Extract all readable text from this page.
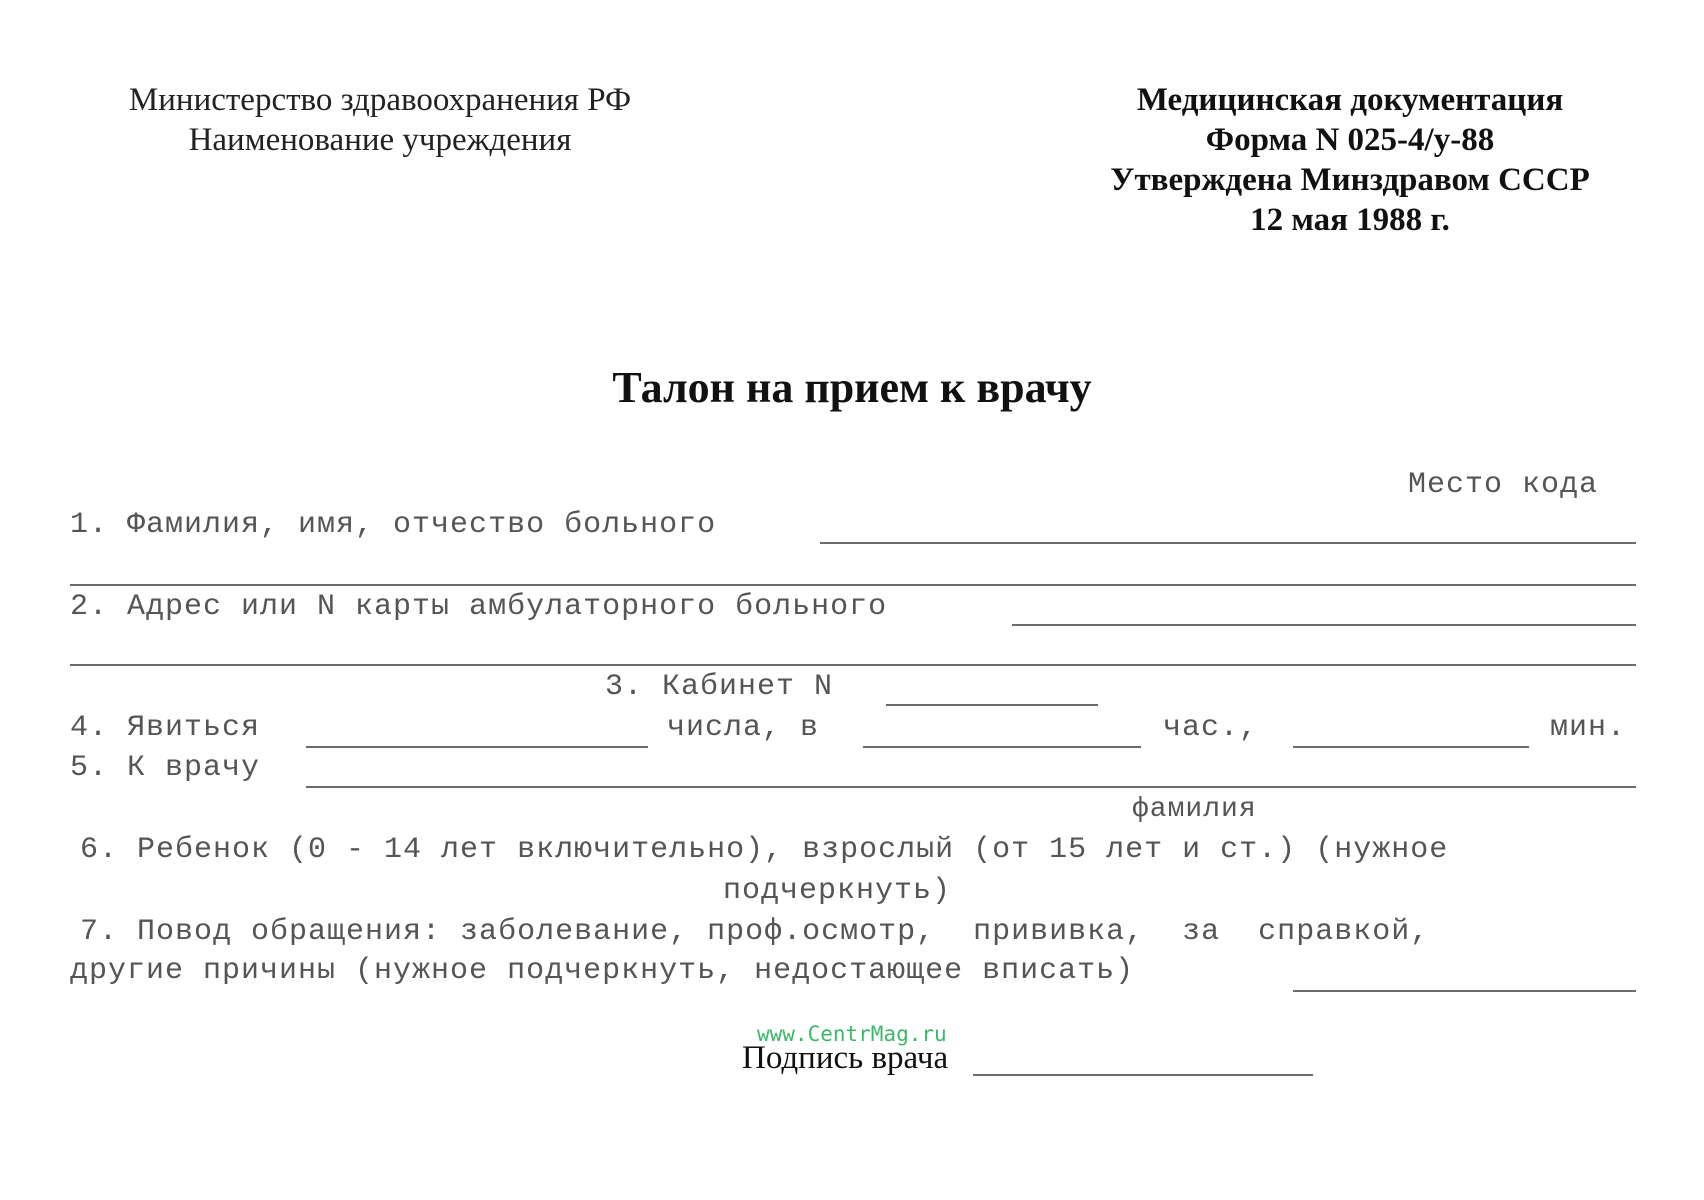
Министерство здравоохранения РФ
Наименование учреждения
Медицинская документация
Форма N 025-4/у-88
Утверждена Минздравом СССР
12 мая 1988 г.
Талон на прием к врачу
Место кода
1. Фамилия, имя, отчество больного
2. Адрес или N карты амбулаторного больного
3. Кабинет N
4. Явиться	числа, в	час.,	мин.
5. К врачу
фамилия
6. Ребенок (0 - 14 лет включительно), взрослый (от 15 лет и ст.) (нужное
подчеркнуть)
7. Повод обращения: заболевание, проф.осмотр,  прививка,  за  справкой,
другие причины (нужное подчеркнуть, недостающее вписать)
www.CentrMag.ru
Подпись врача
